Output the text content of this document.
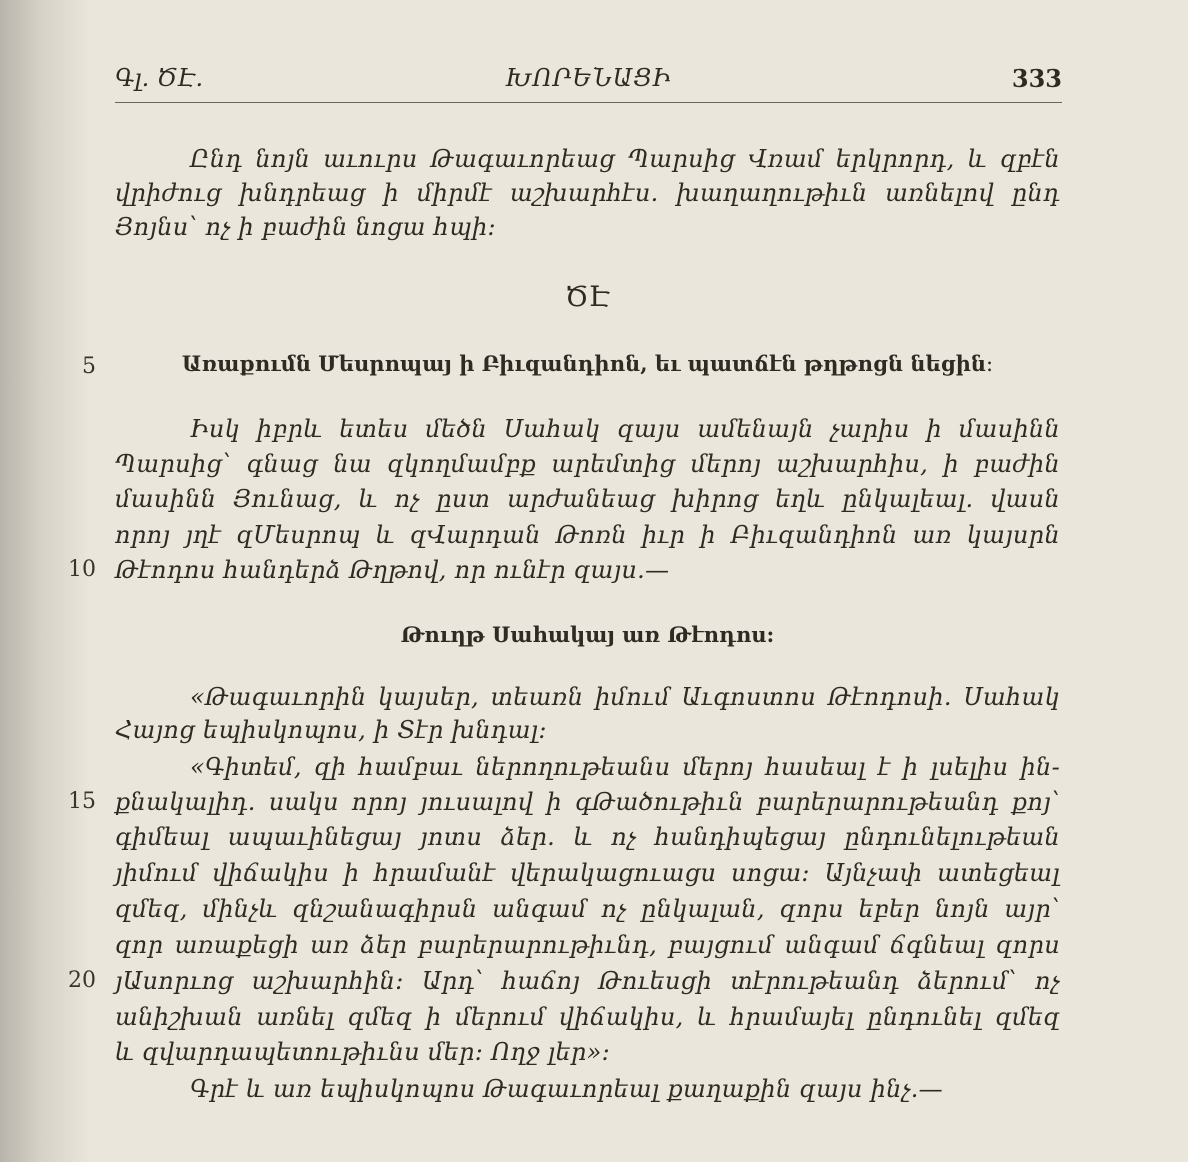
Գլ. ԾԷ.	ԽՈՐԵՆԱՑԻ	333
Ընդ նոյն աւուրս Թագաւորեաց Պարսից Վռամ երկրորդ, և զբէն
վրիժուց խնդրեաց ի միրմէ աշխարհէս. խաղաղութիւն առնելով ընդ
Յոյնս՝ ոչ ի բաժին նոցա հպի։
ԾԷ
5	Առաքումն Մեսրոպայ ի Բիւզանդիոն, եւ պատճէն թղթոցն նեցին։
Իսկ իբրև ետես մեծն Սահակ զայս ամենայն չարիս ի մասինն
Պարսից՝ գնաց նա զկողմամբք արեմտից մերոյ աշխարհիս, ի բաժին
մասինն Յունաց, և ոչ ըստ արժանեաց խիրոց եղև ընկալեալ. վասն
որոյ յղէ զՄեսրոպ և զՎարդան Թոռն իւր ի Բիւզանդիոն առ կայսրն
10 Թէոդոս հանդերձ Թղթով, որ ունէր զայս.—
Թուղթ Սահակայ առ Թէոդոս:
«Թագաւորին կայսեր, տեառն իմում Աւգոստոս Թէոդոսի. Սահակ
Հայոց եպիսկոպոս, ի Տէր խնդալ։
«Գիտեմ, զի համբաւ ներողութեանս մերոյ հասեալ է ի լսելիս ին-
15 քնակալիդ. սակս որոյ յուսալով ի գԹածութիւն բարերարութեանդ քոյ՝
գիմեալ ապաւինեցայ յոտս ձեր. և ոչ հանդիպեցայ ընդունելութեան
յիմում վիճակիս ի հրամանէ վերակացուացս սոցա։ Այնչափ ատեցեալ
զմեզ, մինչև զնշանագիրսն անգամ ոչ ընկալան, զորս եբեր նոյն այր՝
զոր առաքեցի առ ձեր բարերարութիւնդ, բայցում անգամ ճգնեալ զորս
20 յԱսորւոց աշխարհին։ Արդ՝ հաճոյ Թուեսցի տէրութեանդ ձերում՝ ոչ
անիշխան առնել զմեզ ի մերում վիճակիս, և հրամայել ընդունել զմեզ
և զվարդապետութիւնս մեր։ Ողջ լեր»։
Գրէ և առ եպիսկոպոս Թագաւորեալ քաղաքին զայս ինչ.—
